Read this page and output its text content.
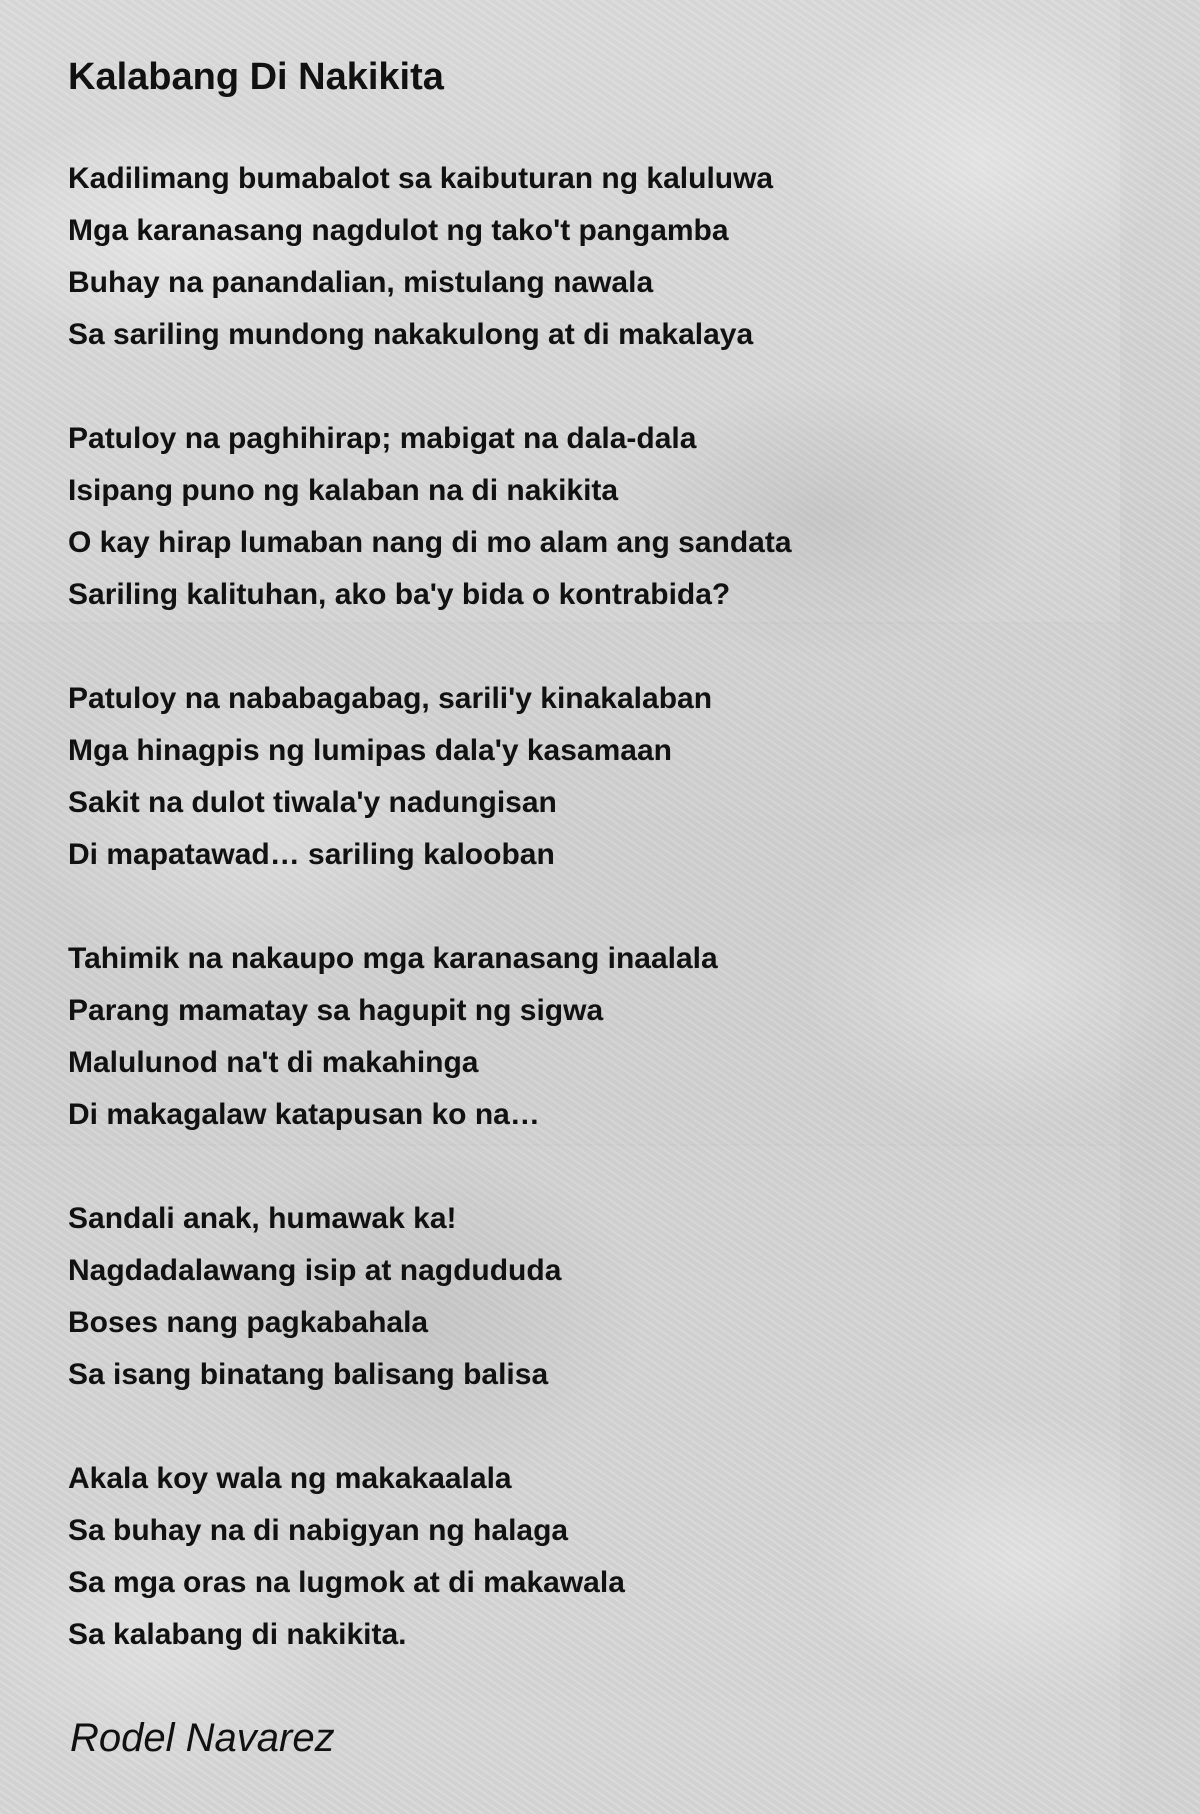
Kalabang Di Nakikita
Kadilimang bumabalot sa kaibuturan ng kaluluwa
Mga karanasang nagdulot ng tako't pangamba
Buhay na panandalian, mistulang nawala
Sa sariling mundong nakakulong at di makalaya
Patuloy na paghihirap; mabigat na dala-dala
Isipang puno ng kalaban na di nakikita
O kay hirap lumaban nang di mo alam ang sandata
Sariling kalituhan, ako ba'y bida o kontrabida?
Patuloy na nababagabag, sarili'y kinakalaban
Mga hinagpis ng lumipas dala'y kasamaan
Sakit na dulot tiwala'y nadungisan
Di mapatawad… sariling kalooban
Tahimik na nakaupo mga karanasang inaalala
Parang mamatay sa hagupit ng sigwa
Malulunod na't di makahinga
Di makagalaw katapusan ko na…
Sandali anak, humawak ka!
Nagdadalawang isip at nagdududa
Boses nang pagkabahala
Sa isang binatang balisang balisa
Akala koy wala ng makakaalala
Sa buhay na di nabigyan ng halaga
Sa mga oras na lugmok at di makawala
Sa kalabang di nakikita.

Rodel Navarez
